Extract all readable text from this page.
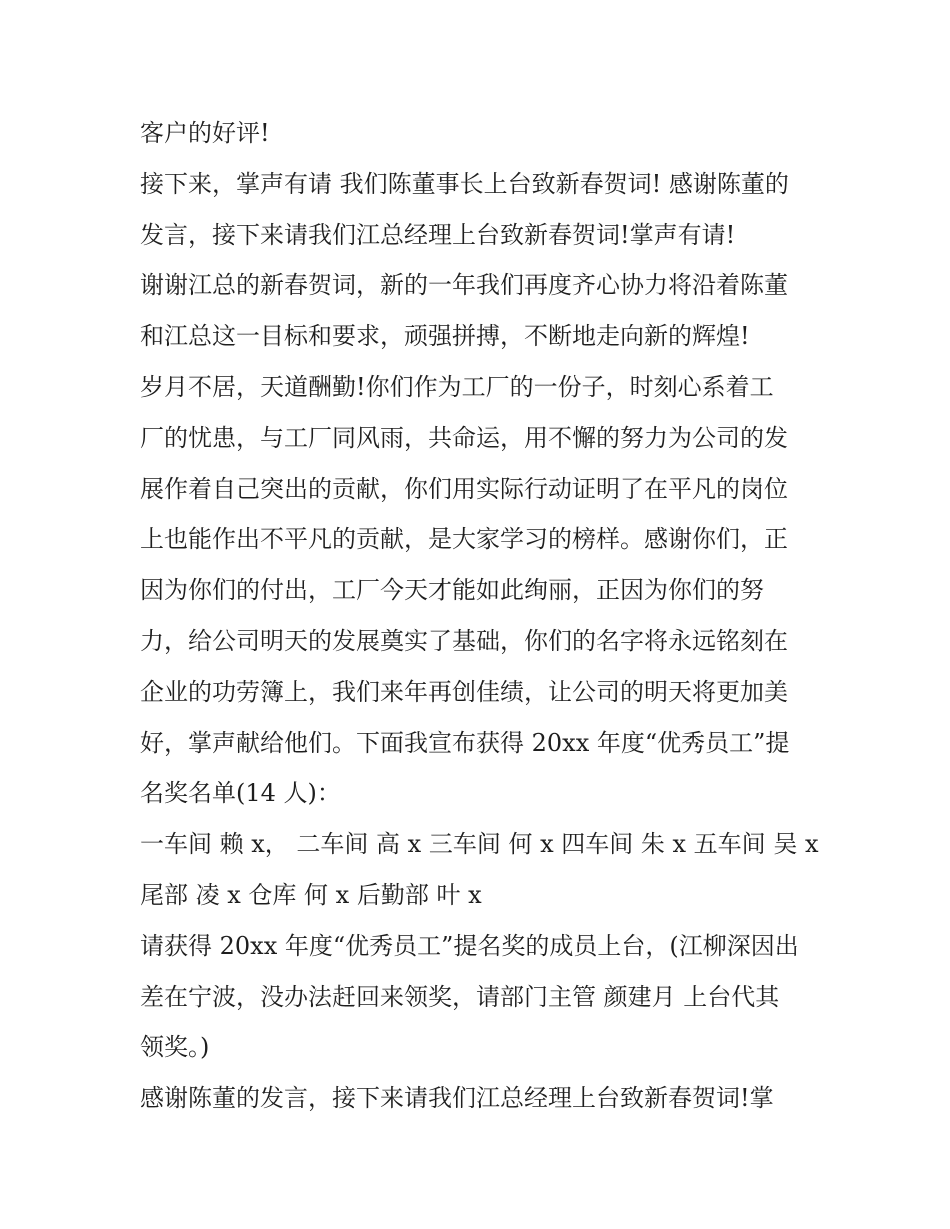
客户的好评!
接下来，掌声有请 我们陈董事长上台致新春贺词! 感谢陈董的
发言，接下来请我们江总经理上台致新春贺词!掌声有请!
谢谢江总的新春贺词，新的一年我们再度齐心协力将沿着陈董
和江总这一目标和要求，顽强拼搏，不断地走向新的辉煌!
岁月不居，天道酬勤!你们作为工厂的一份子，时刻心系着工
厂的忧患，与工厂同风雨，共命运，用不懈的努力为公司的发
展作着自己突出的贡献，你们用实际行动证明了在平凡的岗位
上也能作出不平凡的贡献，是大家学习的榜样。感谢你们，正
因为你们的付出，工厂今天才能如此绚丽，正因为你们的努
力，给公司明天的发展奠实了基础，你们的名字将永远铭刻在
企业的功劳簿上，我们来年再创佳绩，让公司的明天将更加美
好，掌声献给他们。下面我宣布获得 20xx 年度“优秀员工”提
名奖名单(14 人)：
一车间 赖 x， 二车间 高 x 三车间 何 x 四车间 朱 x 五车间 吴 x
尾部 凌 x 仓库 何 x 后勤部 叶 x
请获得 20xx 年度“优秀员工”提名奖的成员上台，(江柳深因出
差在宁波，没办法赶回来领奖，请部门主管 颜建月 上台代其
领奖。)
感谢陈董的发言，接下来请我们江总经理上台致新春贺词!掌
